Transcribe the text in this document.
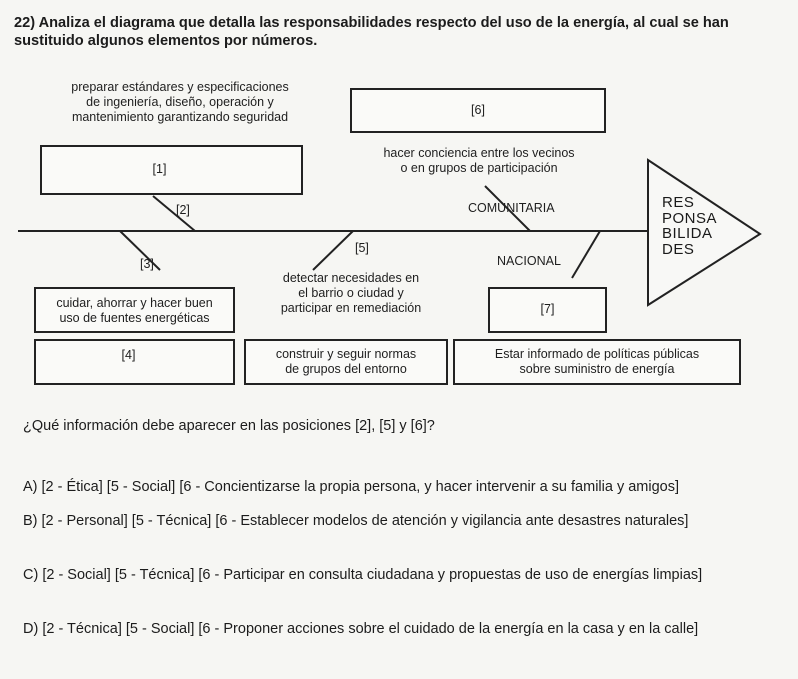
22) Analiza el diagrama que detalla las responsabilidades respecto del uso de la energía, al cual se han sustituido algunos elementos por números.
preparar estándares y especificaciones
de ingeniería, diseño, operación y
mantenimiento garantizando seguridad	[6]
[1]
hacer conciencia entre los vecinos
o en grupos de participación
[2]	COMUNITARIA	RES
PONSA
BILIDA
DES
[5]
[3]	NACIONAL
detectar necesidades en
el barrio o ciudad y
participar en remediación
cuidar, ahorrar y hacer buen
uso de fuentes energéticas
[7]
[4]	construir y seguir normas
de grupos del entorno
Estar informado de políticas públicas
sobre suministro de energía
¿Qué información debe aparecer en las posiciones [2], [5] y [6]?
A) [2 - Ética] [5 - Social] [6 - Concientizarse la propia persona, y hacer intervenir a su familia y amigos]
B) [2 - Personal] [5 - Técnica] [6 - Establecer modelos de atención y vigilancia ante desastres naturales]
C) [2 - Social] [5 - Técnica] [6 - Participar en consulta ciudadana y propuestas de uso de energías limpias]
D) [2 - Técnica] [5 - Social] [6 - Proponer acciones sobre el cuidado de la energía en la casa y en la calle]
